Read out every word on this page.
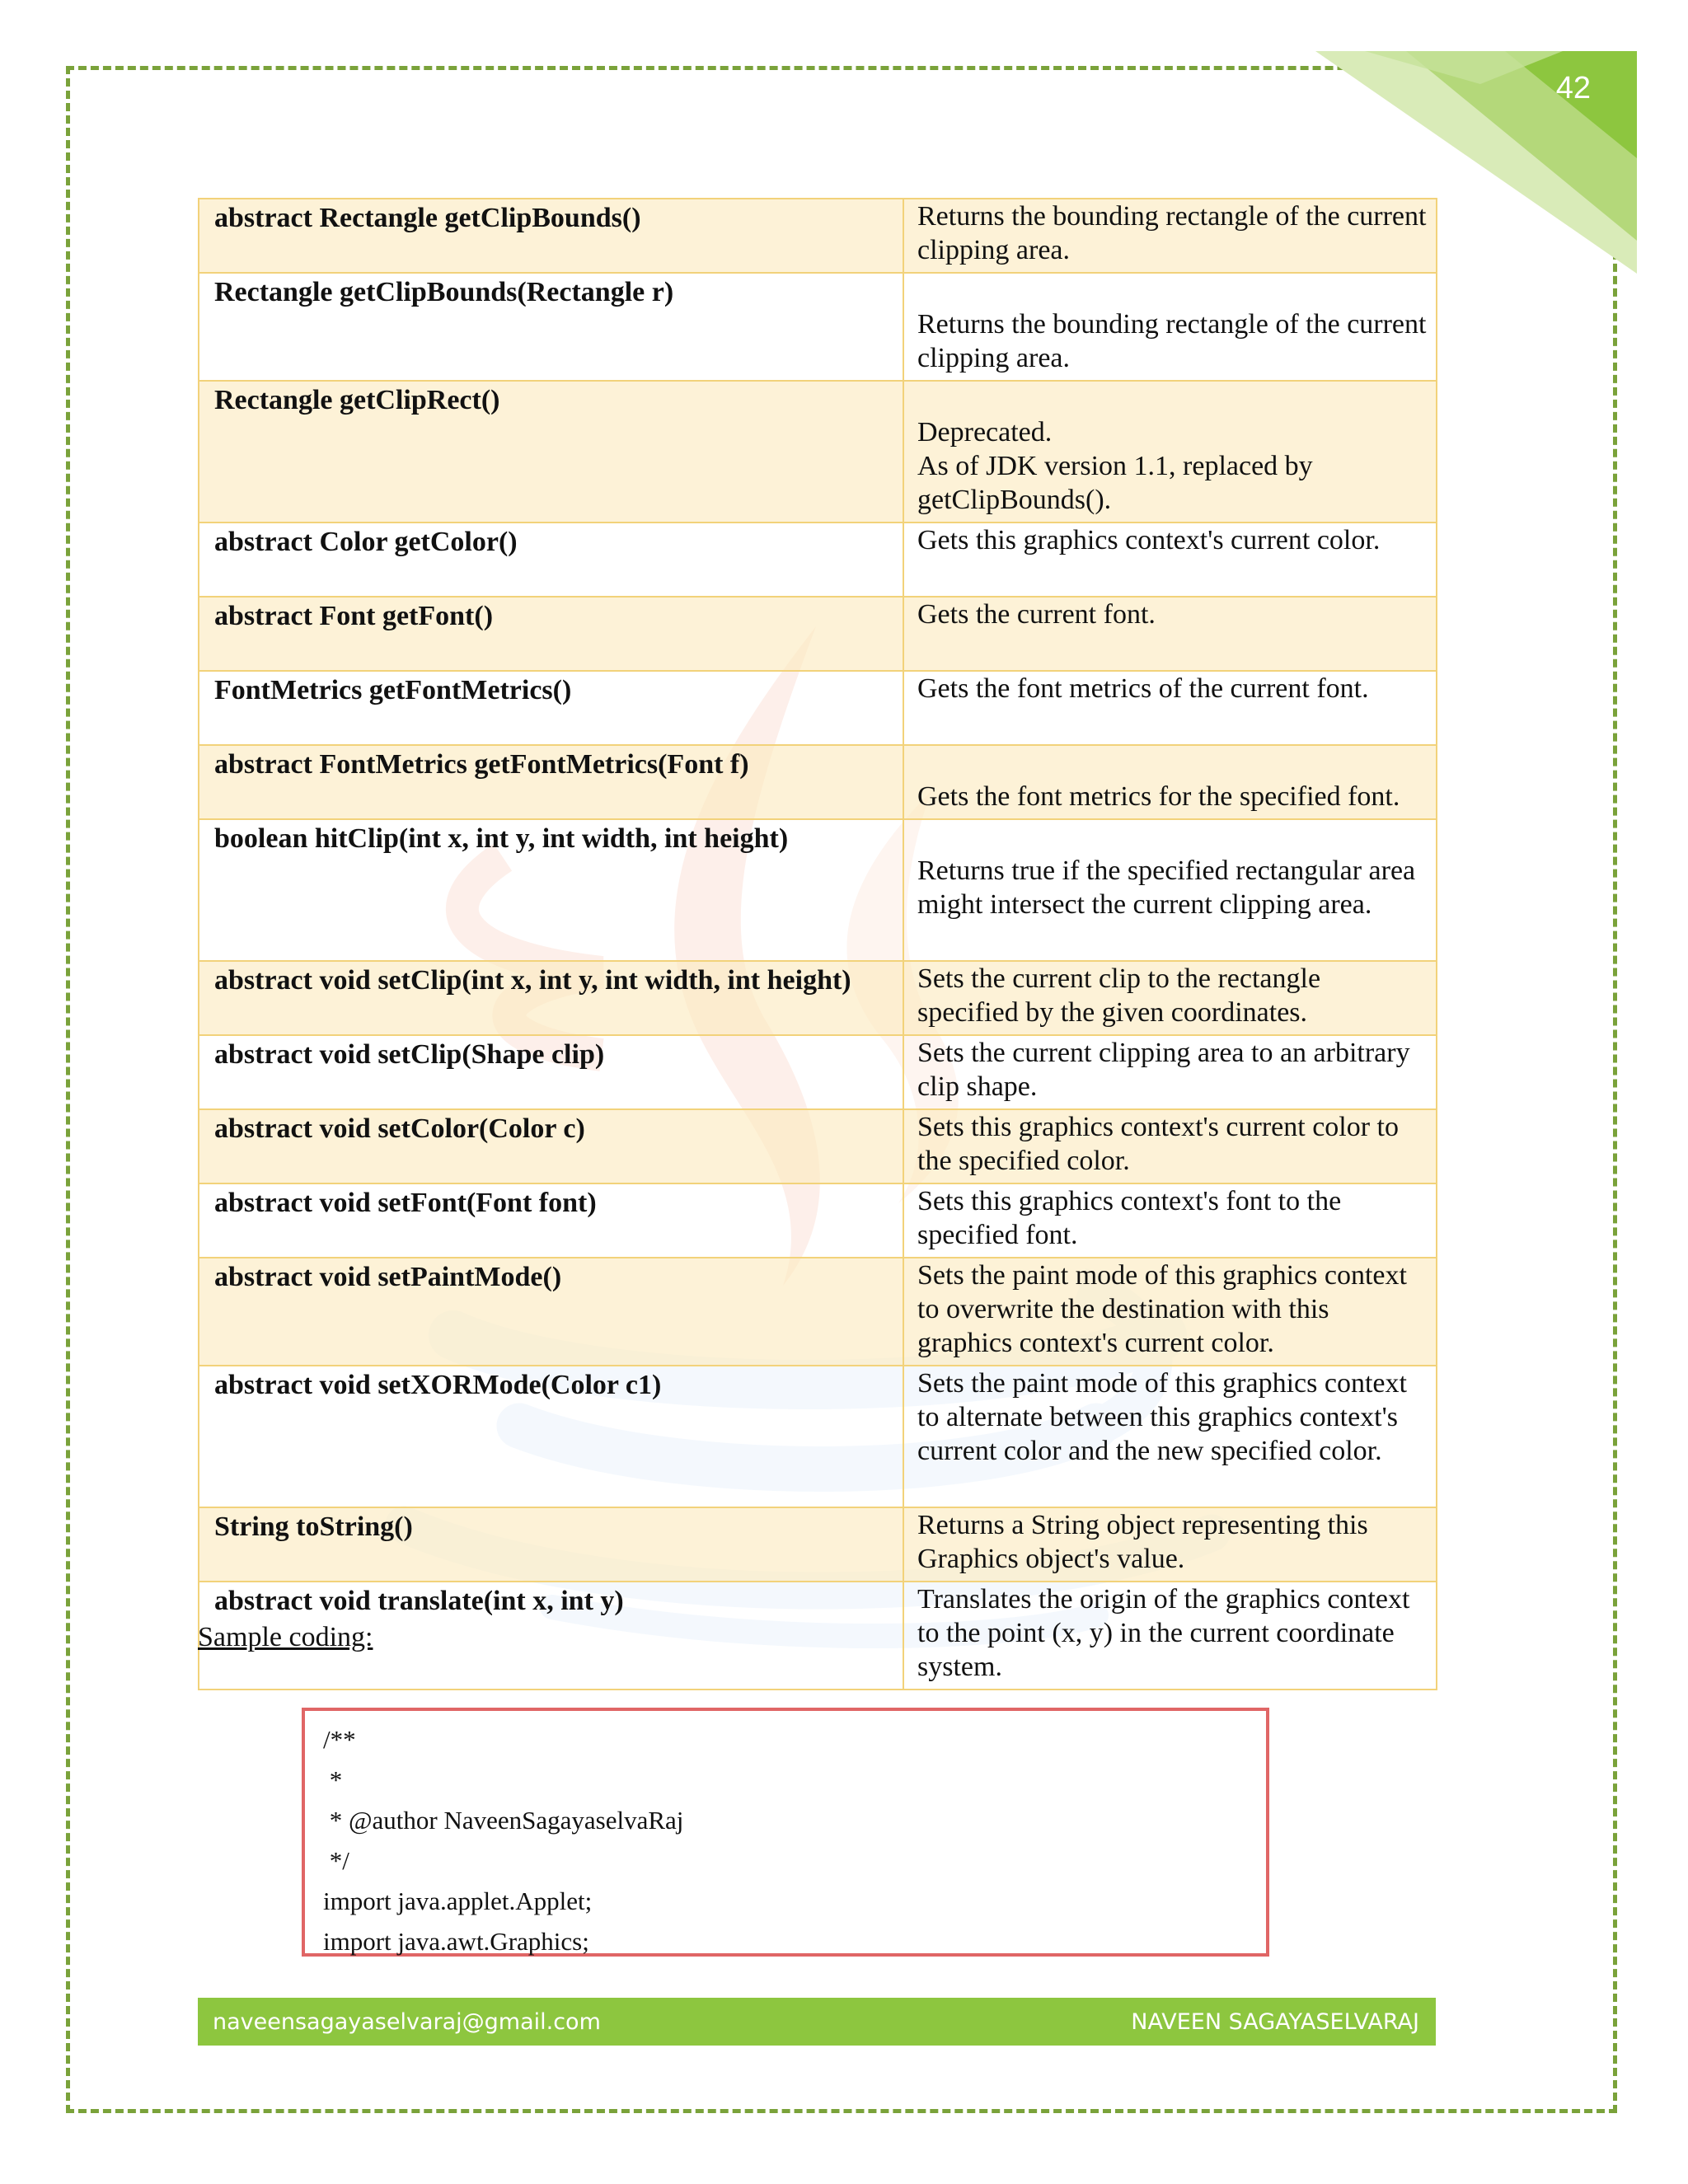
42
abstract Rectangle getClipBounds()	Returns the bounding rectangle of the current clipping area.
Rectangle getClipBounds(Rectangle r)	Returns the bounding rectangle of the current clipping area.
Rectangle getClipRect()	Deprecated.
As of JDK version 1.1, replaced by getClipBounds().
abstract Color getColor()	Gets this graphics context's current color.
abstract Font getFont()	Gets the current font.
FontMetrics getFontMetrics()	Gets the font metrics of the current font.
abstract FontMetrics getFontMetrics(Font f)	Gets the font metrics for the specified font.
boolean hitClip(int x, int y, int width, int height)	Returns true if the specified rectangular area might intersect the current clipping area.
abstract void setClip(int x, int y, int width, int height)	Sets the current clip to the rectangle specified by the given coordinates.
abstract void setClip(Shape clip)	Sets the current clipping area to an arbitrary clip shape.
abstract void setColor(Color c)	Sets this graphics context's current color to the specified color.
abstract void setFont(Font font)	Sets this graphics context's font to the specified font.
abstract void setPaintMode()	Sets the paint mode of this graphics context to overwrite the destination with this graphics context's current color.
abstract void setXORMode(Color c1)	Sets the paint mode of this graphics context to alternate between this graphics context's current color and the new specified color.
String toString()	Returns a String object representing this Graphics object's value.
abstract void translate(int x, int y)	Translates the origin of the graphics context to the point (x, y) in the current coordinate system.
Sample coding:
/**
*
* @author NaveenSagayaselvaRaj
*/
import java.applet.Applet;
import java.awt.Graphics;
naveensagayaselvaraj@gmail.com	NAVEEN SAGAYASELVARAJ
